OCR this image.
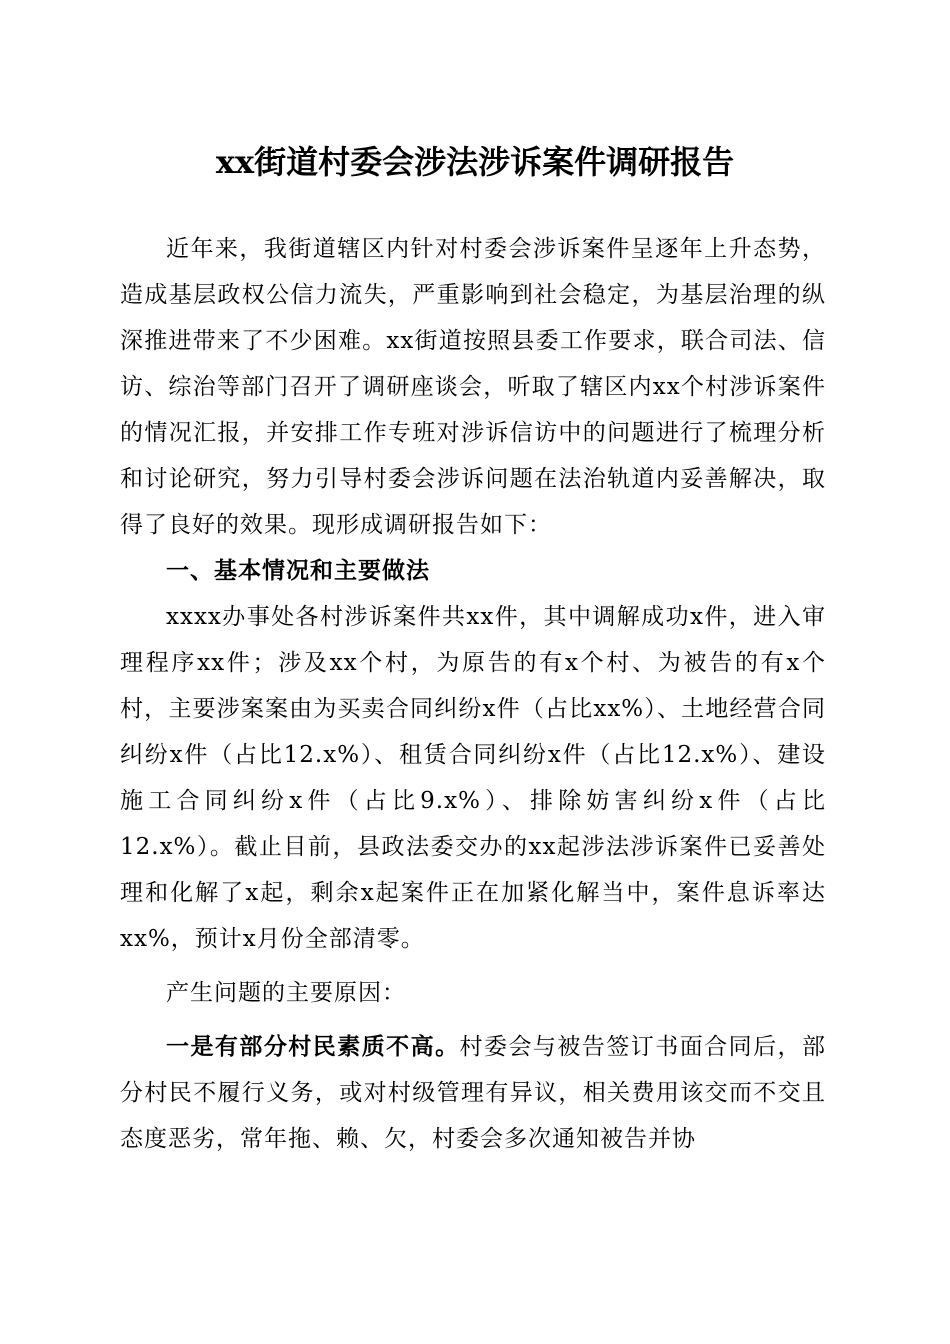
xx街道村委会涉法涉诉案件调研报告

近年来，我街道辖区内针对村委会涉诉案件呈逐年上升态势，造成基层政权公信力流失，严重影响到社会稳定，为基层治理的纵深推进带来了不少困难。xx街道按照县委工作要求，联合司法、信访、综治等部门召开了调研座谈会，听取了辖区内xx个村涉诉案件的情况汇报，并安排工作专班对涉诉信访中的问题进行了梳理分析和讨论研究，努力引导村委会涉诉问题在法治轨道内妥善解决，取得了良好的效果。现形成调研报告如下：

一、基本情况和主要做法

xxxx办事处各村涉诉案件共xx件，其中调解成功x件，进入审理程序xx件；涉及xx个村，为原告的有x个村、为被告的有x个村，主要涉案案由为买卖合同纠纷x件（占比xx%）、土地经营合同纠纷x件（占比12.x%）、租赁合同纠纷x件（占比12.x%）、建设施工合同纠纷x件（占比9.x%）、排除妨害纠纷x件（占比12.x%）。截止目前，县政法委交办的xx起涉法涉诉案件已妥善处理和化解了x起，剩余x起案件正在加紧化解当中，案件息诉率达xx%，预计x月份全部清零。

产生问题的主要原因：

一是有部分村民素质不高。村委会与被告签订书面合同后，部分村民不履行义务，或对村级管理有异议，相关费用该交而不交且态度恶劣，常年拖、赖、欠，村委会多次通知被告并协
